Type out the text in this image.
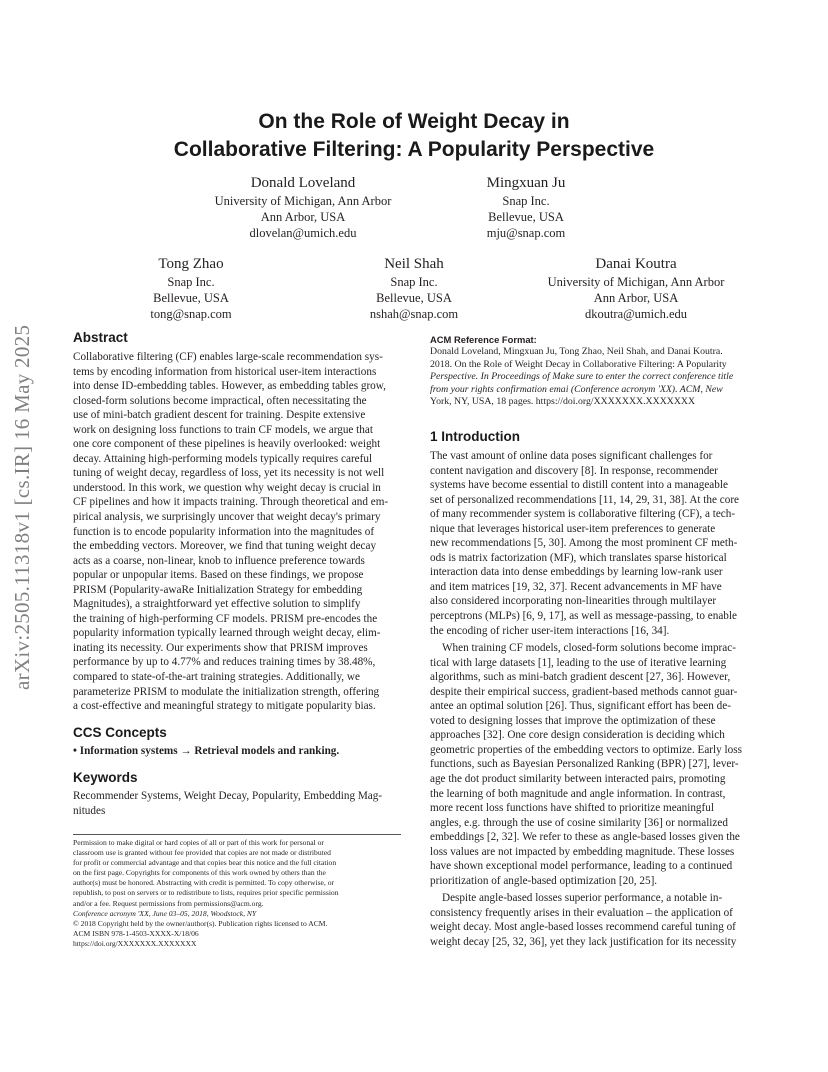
On the Role of Weight Decay in
Collaborative Filtering: A Popularity Perspective
Donald Loveland
University of Michigan, Ann Arbor
Ann Arbor, USA
dlovelan@umich.edu
Mingxuan Ju
Snap Inc.
Bellevue, USA
mju@snap.com
Tong Zhao
Snap Inc.
Bellevue, USA
tong@snap.com
Neil Shah
Snap Inc.
Bellevue, USA
nshah@snap.com
Danai Koutra
University of Michigan, Ann Arbor
Ann Arbor, USA
dkoutra@umich.edu
arXiv:2505.11318v1 [cs.IR] 16 May 2025	Abstract
Collaborative filtering (CF) enables large-scale recommendation sys-
tems by encoding information from historical user-item interactions
into dense ID-embedding tables. However, as embedding tables grow,
closed-form solutions become impractical, often necessitating the
use of mini-batch gradient descent for training. Despite extensive
work on designing loss functions to train CF models, we argue that
one core component of these pipelines is heavily overlooked: weight
decay. Attaining high-performing models typically requires careful
tuning of weight decay, regardless of loss, yet its necessity is not well
understood. In this work, we question why weight decay is crucial in
CF pipelines and how it impacts training. Through theoretical and em-
pirical analysis, we surprisingly uncover that weight decay's primary
function is to encode popularity information into the magnitudes of
the embedding vectors. Moreover, we find that tuning weight decay
acts as a coarse, non-linear, knob to influence preference towards
popular or unpopular items. Based on these findings, we propose
PRISM (Popularity-awaRe Initialization Strategy for embedding
Magnitudes), a straightforward yet effective solution to simplify
the training of high-performing CF models. PRISM pre-encodes the
popularity information typically learned through weight decay, elim-
inating its necessity. Our experiments show that PRISM improves
performance by up to 4.77% and reduces training times by 38.48%,
compared to state-of-the-art training strategies. Additionally, we
parameterize PRISM to modulate the initialization strength, offering
a cost-effective and meaningful strategy to mitigate popularity bias.
CCS Concepts
• Information systems → Retrieval models and ranking.
Keywords
Recommender Systems, Weight Decay, Popularity, Embedding Mag-
nitudes
Permission to make digital or hard copies of all or part of this work for personal or
classroom use is granted without fee provided that copies are not made or distributed
for profit or commercial advantage and that copies bear this notice and the full citation
on the first page. Copyrights for components of this work owned by others than the
author(s) must be honored. Abstracting with credit is permitted. To copy otherwise, or
republish, to post on servers or to redistribute to lists, requires prior specific permission
and/or a fee. Request permissions from permissions@acm.org.
Conference acronym 'XX, June 03–05, 2018, Woodstock, NY
© 2018 Copyright held by the owner/author(s). Publication rights licensed to ACM.
ACM ISBN 978-1-4503-XXXX-X/18/06
https://doi.org/XXXXXXX.XXXXXXX
ACM Reference Format:
Donald Loveland, Mingxuan Ju, Tong Zhao, Neil Shah, and Danai Koutra.
2018. On the Role of Weight Decay in Collaborative Filtering: A Popularity
Perspective. In Proceedings of Make sure to enter the correct conference title
from your rights confirmation emai (Conference acronym 'XX). ACM, New
York, NY, USA, 18 pages. https://doi.org/XXXXXXX.XXXXXXX
1 Introduction
The vast amount of online data poses significant challenges for
content navigation and discovery [8]. In response, recommender
systems have become essential to distill content into a manageable
set of personalized recommendations [11, 14, 29, 31, 38]. At the core
of many recommender system is collaborative filtering (CF), a tech-
nique that leverages historical user-item preferences to generate
new recommendations [5, 30]. Among the most prominent CF meth-
ods is matrix factorization (MF), which translates sparse historical
interaction data into dense embeddings by learning low-rank user
and item matrices [19, 32, 37]. Recent advancements in MF have
also considered incorporating non-linearities through multilayer
perceptrons (MLPs) [6, 9, 17], as well as message-passing, to enable
the encoding of richer user-item interactions [16, 34].
When training CF models, closed-form solutions become imprac-
tical with large datasets [1], leading to the use of iterative learning
algorithms, such as mini-batch gradient descent [27, 36]. However,
despite their empirical success, gradient-based methods cannot guar-
antee an optimal solution [26]. Thus, significant effort has been de-
voted to designing losses that improve the optimization of these
approaches [32]. One core design consideration is deciding which
geometric properties of the embedding vectors to optimize. Early loss
functions, such as Bayesian Personalized Ranking (BPR) [27], lever-
age the dot product similarity between interacted pairs, promoting
the learning of both magnitude and angle information. In contrast,
more recent loss functions have shifted to prioritize meaningful
angles, e.g. through the use of cosine similarity [36] or normalized
embeddings [2, 32]. We refer to these as angle-based losses given the
loss values are not impacted by embedding magnitude. These losses
have shown exceptional model performance, leading to a continued
prioritization of angle-based optimization [20, 25].
Despite angle-based losses superior performance, a notable in-
consistency frequently arises in their evaluation – the application of
weight decay. Most angle-based losses recommend careful tuning of
weight decay [25, 32, 36], yet they lack justification for its necessity
